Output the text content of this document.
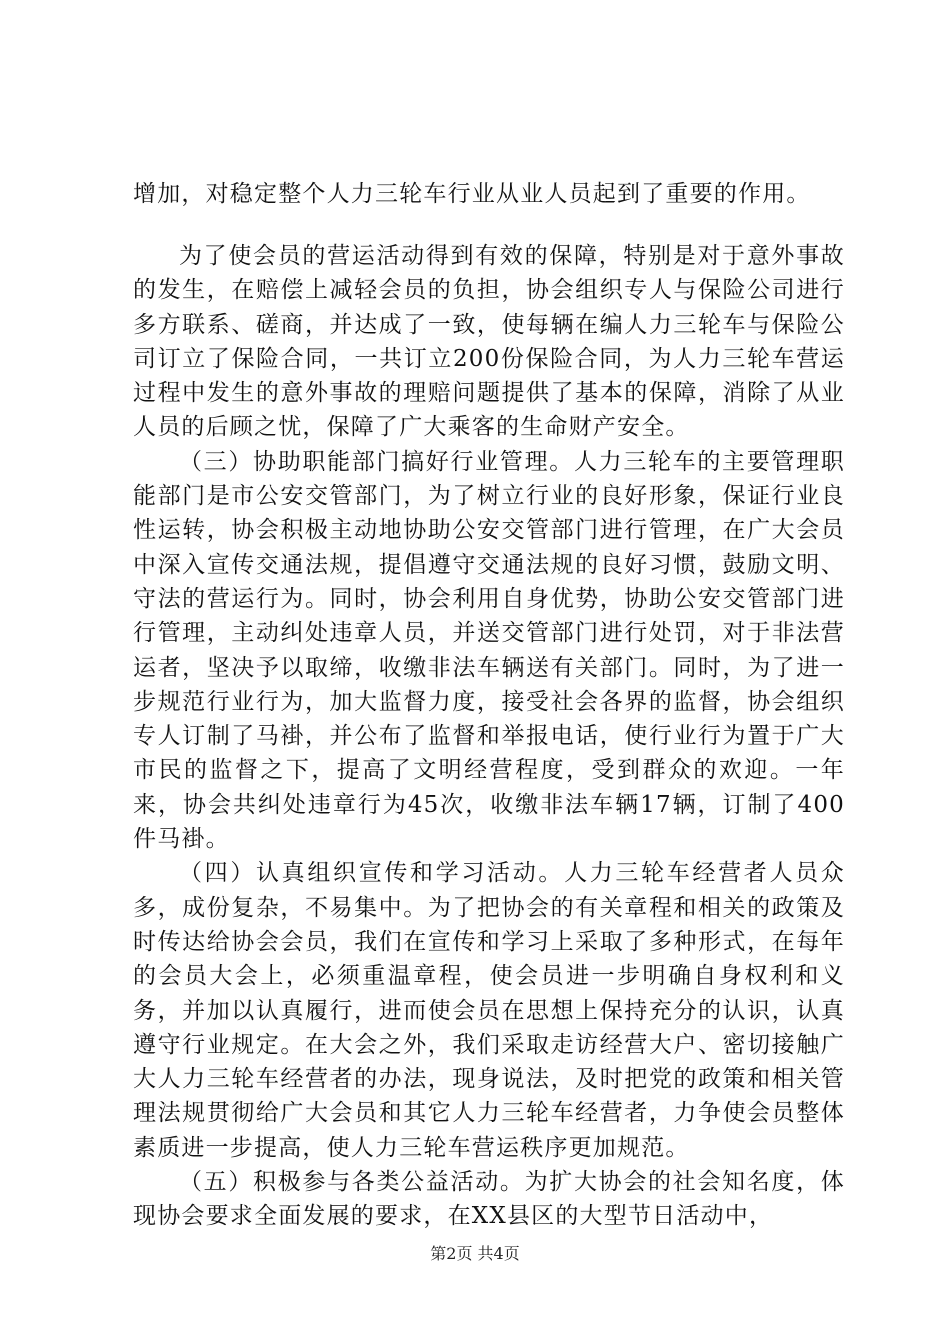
增加，对稳定整个人力三轮车行业从业人员起到了重要的作用。

为了使会员的营运活动得到有效的保障，特别是对于意外事故的发生，在赔偿上减轻会员的负担，协会组织专人与保险公司进行多方联系、磋商，并达成了一致，使每辆在编人力三轮车与保险公司订立了保险合同，一共订立200份保险合同，为人力三轮车营运过程中发生的意外事故的理赔问题提供了基本的保障，消除了从业人员的后顾之忧，保障了广大乘客的生命财产安全。

（三）协助职能部门搞好行业管理。人力三轮车的主要管理职能部门是市公安交管部门，为了树立行业的良好形象，保证行业良性运转，协会积极主动地协助公安交管部门进行管理，在广大会员中深入宣传交通法规，提倡遵守交通法规的良好习惯，鼓励文明、守法的营运行为。同时，协会利用自身优势，协助公安交管部门进行管理，主动纠处违章人员，并送交管部门进行处罚，对于非法营运者，坚决予以取缔，收缴非法车辆送有关部门。同时，为了进一步规范行业行为，加大监督力度，接受社会各界的监督，协会组织专人订制了马褂，并公布了监督和举报电话，使行业行为置于广大市民的监督之下，提高了文明经营程度，受到群众的欢迎。一年来，协会共纠处违章行为45次，收缴非法车辆17辆，订制了400件马褂。

（四）认真组织宣传和学习活动。人力三轮车经营者人员众多，成份复杂，不易集中。为了把协会的有关章程和相关的政策及时传达给协会会员，我们在宣传和学习上采取了多种形式，在每年的会员大会上，必须重温章程，使会员进一步明确自身权利和义务，并加以认真履行，进而使会员在思想上保持充分的认识，认真遵守行业规定。在大会之外，我们采取走访经营大户、密切接触广大人力三轮车经营者的办法，现身说法，及时把党的政策和相关管理法规贯彻给广大会员和其它人力三轮车经营者，力争使会员整体素质进一步提高，使人力三轮车营运秩序更加规范。

（五）积极参与各类公益活动。为扩大协会的社会知名度，体现协会要求全面发展的要求，在XX县区的大型节日活动中，

第2页 共4页
